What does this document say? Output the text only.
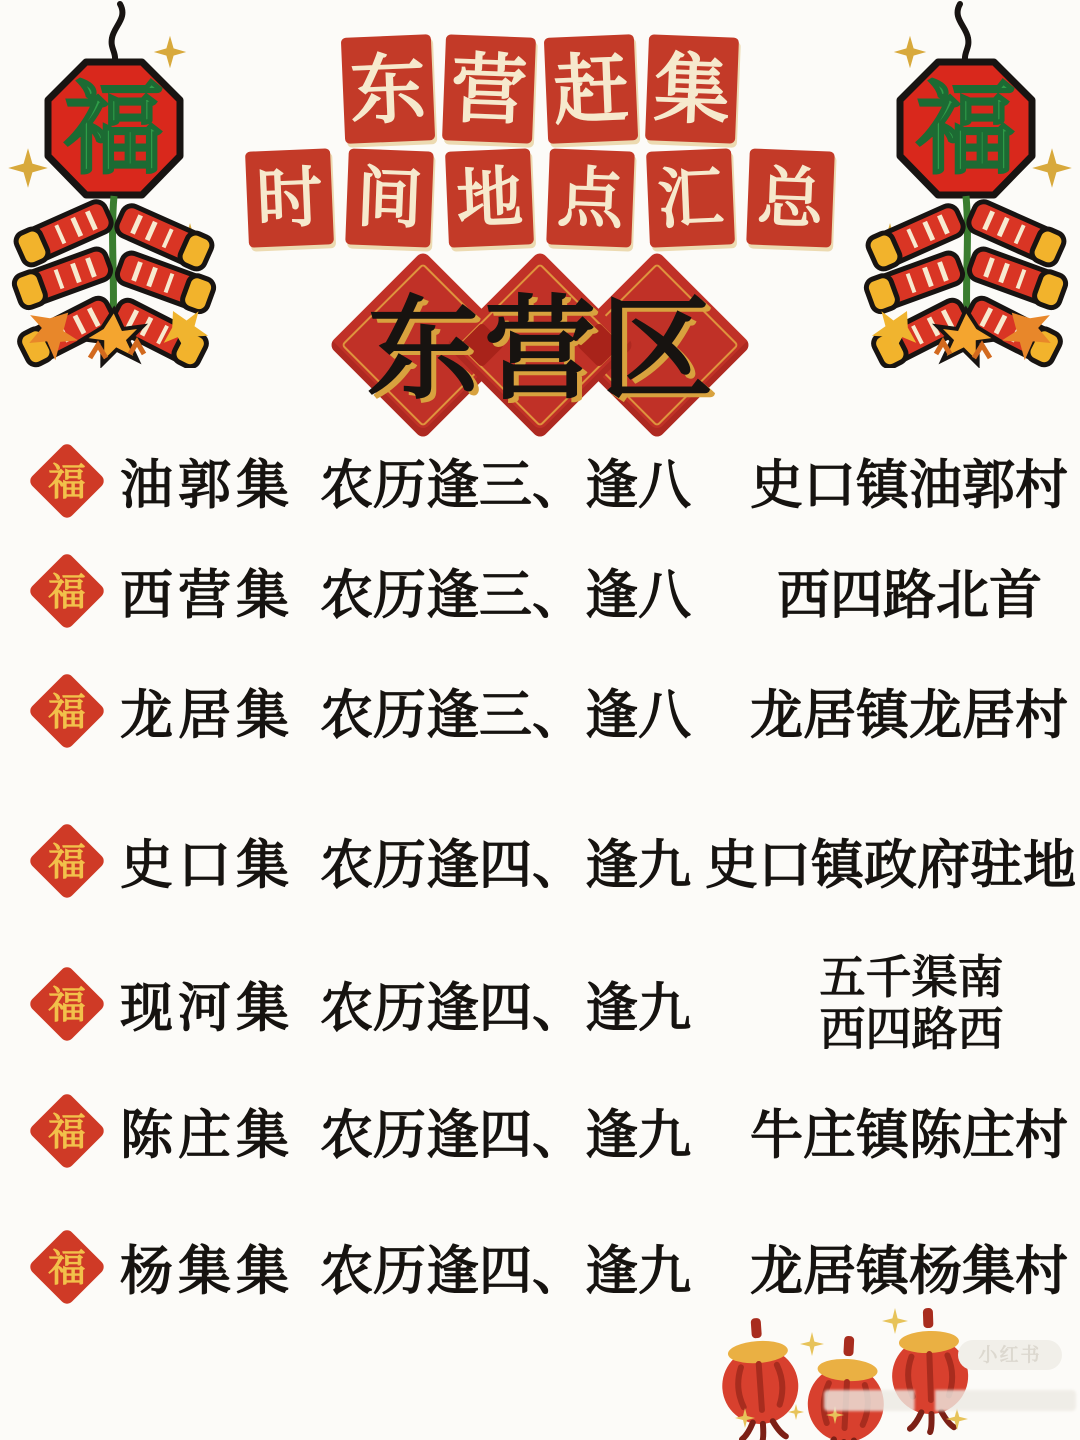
福	福
东 营 赶 集
时 间 地 点 汇 总
东 营 区
福 油郭集 农历逢三、逢八	史口镇油郭村
福 西营集 农历逢三、逢八	西四路北首
福 龙居集 农历逢三、逢八	龙居镇龙居村
福 史口集 农历逢四、逢九 史口镇政府驻地
福 现河集 农历逢四、逢九	五千渠南
西四路西
福 陈庄集 农历逢四、逢九	牛庄镇陈庄村
福 杨集集 农历逢四、逢九	龙居镇杨集村
小红书
